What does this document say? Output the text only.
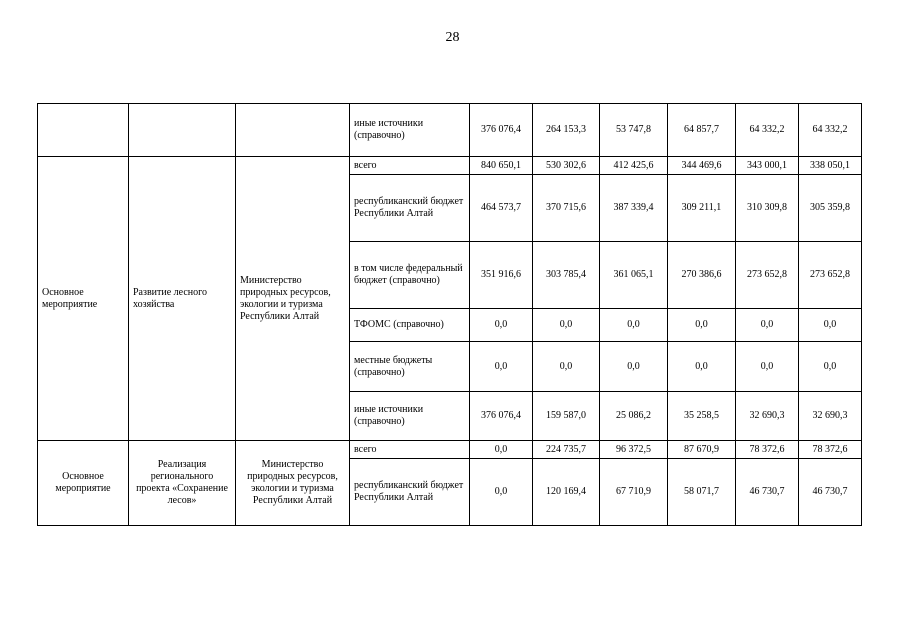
28
			иные источники (справочно)	376 076,4	264 153,3	53 747,8	64 857,7	64 332,2	64 332,2
Основное мероприятие	Развитие лесного хозяйства	Министерство природных ресурсов, экологии и туризма Республики Алтай	всего	840 650,1	530 302,6	412 425,6	344 469,6	343 000,1	338 050,1
			республиканский бюджет Республики Алтай	464 573,7	370 715,6	387 339,4	309 211,1	310 309,8	305 359,8
			в том числе федеральный бюджет (справочно)	351 916,6	303 785,4	361 065,1	270 386,6	273 652,8	273 652,8
			ТФОМС (справочно)	0,0	0,0	0,0	0,0	0,0	0,0
			местные бюджеты (справочно)	0,0	0,0	0,0	0,0	0,0	0,0
			иные источники (справочно)	376 076,4	159 587,0	25 086,2	35 258,5	32 690,3	32 690,3
Основное мероприятие	Реализация регионального проекта «Сохранение лесов»	Министерство природных ресурсов, экологии и туризма Республики Алтай	всего	0,0	224 735,7	96 372,5	87 670,9	78 372,6	78 372,6
			республиканский бюджет Республики Алтай	0,0	120 169,4	67 710,9	58 071,7	46 730,7	46 730,7
